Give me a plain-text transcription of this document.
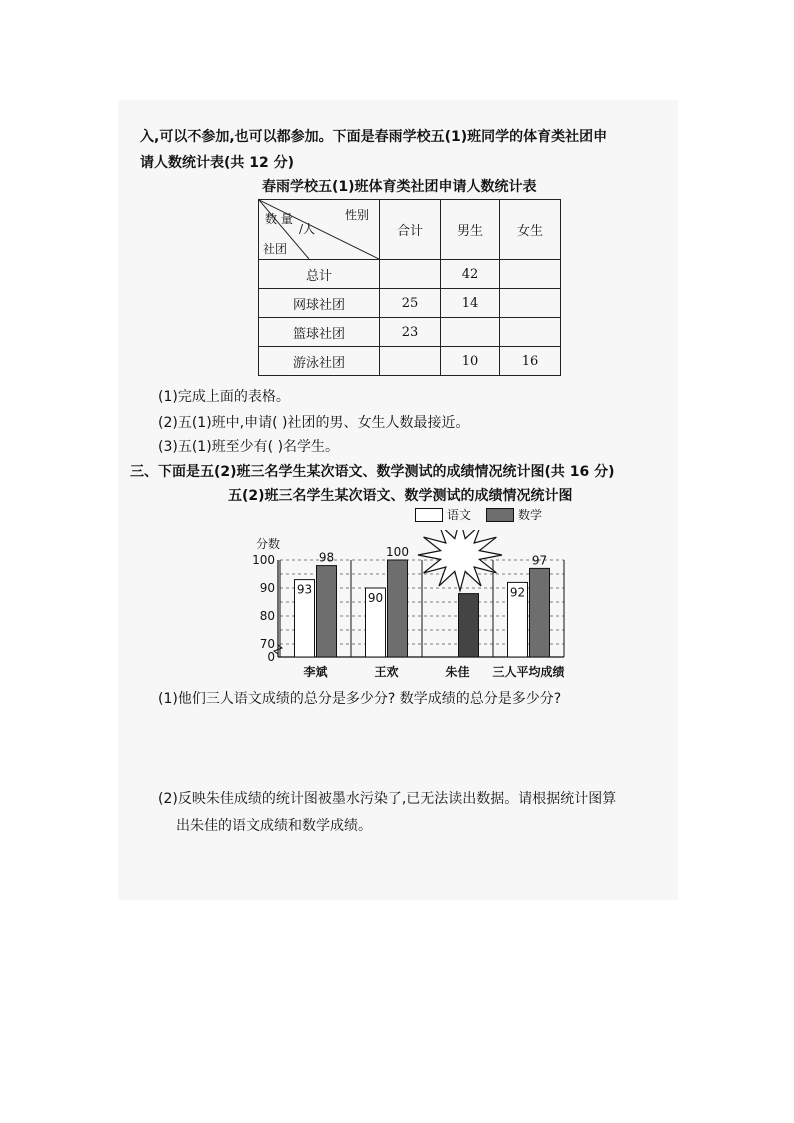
入,可以不参加,也可以都参加。下面是春雨学校五(1)班同学的体育类社团申
请人数统计表(共 12 分)
春雨学校五(1)班体育类社团申请人数统计表
性别
数 量
/人
社团	合计	男生	女生
总计		42	
网球社团	25	14	
篮球社团	23		
游泳社团		10	16
(1)完成上面的表格。
(2)五(1)班中,申请( )社团的男、女生人数最接近。
(3)五(1)班至少有( )名学生。
三、下面是五(2)班三名学生某次语文、数学测试的成绩情况统计图(共 16 分)
五(2)班三名学生某次语文、数学测试的成绩情况统计图
语文	数学
分数
0
70
80
90
100
93
98
李斌
90
100
王欢	朱佳
92
97
三人平均成绩
(1)他们三人语文成绩的总分是多少分? 数学成绩的总分是多少分?
(2)反映朱佳成绩的统计图被墨水污染了,已无法读出数据。请根据统计图算
出朱佳的语文成绩和数学成绩。
